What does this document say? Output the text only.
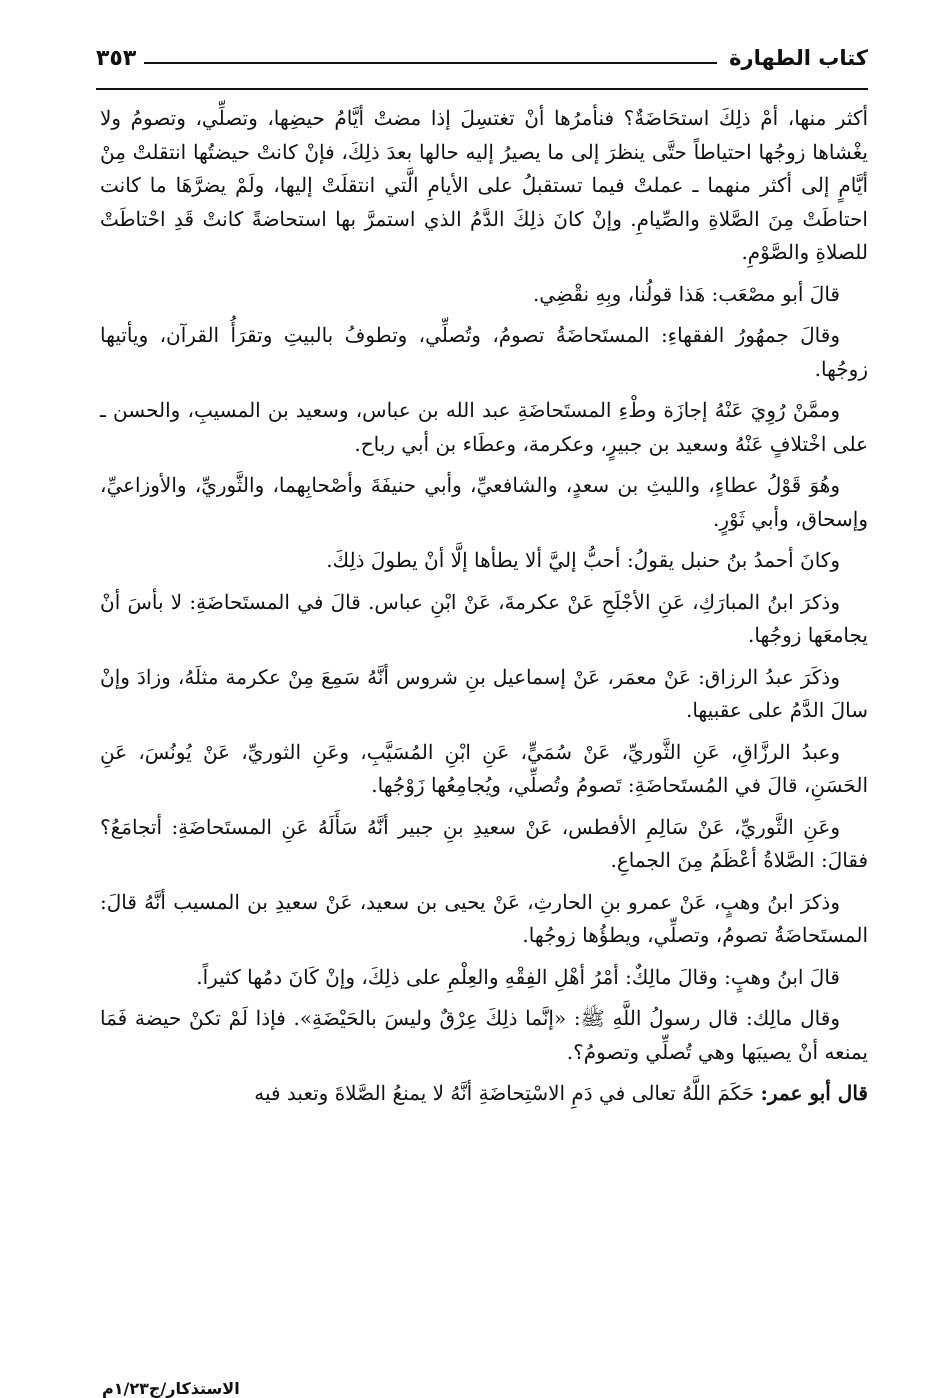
كتاب الطهارة
٣٥٣

أكثر منها، أمْ ذلِكَ استحَاضَةٌ؟ فنأمرُها أنْ تغتسِلَ إذا مضتْ أيَّامُ حيضِها، وتصلِّي، وتصومُ ولا يغْشاها زوجُها احتياطاً حتَّى ينظرَ إلى ما يصيرُ إليه حالها بعدَ ذلِكَ، فإنْ كانتْ حيضتُها انتقلتْ مِنْ أيَّامٍ إلى أكثر منهما ـ عملتْ فيما تستقبلُ على الأيامِ الَّتي انتقلَتْ إليها، ولَمْ يضرَّهَا ما كانت احتاطَتْ مِنَ الصَّلاةِ والصِّيامِ. وإنْ كانَ ذلِكَ الدَّمُ الذي استمرَّ بها استحاضةً كانتْ قَدِ احْتاطَتْ للصلاةِ والصَّوْمِ.

قالَ أبو مصْعَب: هَذا قولُنا، وبِهِ نقْضِي.

وقالَ جمهُورُ الفقهاءِ: المستَحاضَةُ تصومُ، وتُصلِّي، وتطوفُ بالبيتِ وتقرَأُ القرآن، ويأتيها زوجُها.

وممَّنْ رُوِيَ عَنْهُ إجازَة وطْءِ المستَحاضَةِ عبد الله بن عباس، وسعيد بن المسيبِ، والحسن ـ على اخْتلافٍ عَنْهُ وسعيد بن جبيرٍ، وعكرمة، وعطَاء بن أبي رباح.

وهُوَ قَوْلُ عطاءٍ، والليثِ بن سعدٍ، والشافعيِّ، وأبي حنيفَةَ وأصْحابِهما، والثَّوريِّ، والأوزاعيِّ، وإسحاق، وأبي ثَوْرٍ.

وكانَ أحمدُ بنُ حنبل يقولُ: أحبُّ إليَّ ألا يطأها إلَّا أنْ يطولَ ذلِكَ.

وذكرَ ابنُ المبارَكِ، عَنِ الأجْلَحِ عَنْ عكرمةَ، عَنْ ابْنِ عباس. قالَ في المستَحاضَةِ: لا بأسَ أنْ يجامعَها زوجُها.

وذكَرَ عبدُ الرزاق: عَنْ معمَر، عَنْ إسماعيل بنِ شروس أنَّهُ سَمِعَ مِنْ عكرمة مثلَهُ، وزادَ وإنْ سالَ الدَّمُ على عقبيها.

وعبدُ الرزَّاقِ، عَنِ الثَّوريِّ، عَنْ سُمَيٍّ، عَنِ ابْنِ المُسَيَّبِ، وعَنِ الثوريِّ، عَنْ يُونُسَ، عَنِ الحَسَنِ، قالَ في المُستَحاضَةِ: تَصومُ وتُصلِّي، ويُجامِعُها زَوْجُها.

وعَنِ الثَّوريِّ، عَنْ سَالِمِ الأفطس، عَنْ سعيدِ بنِ جبير أنَّهُ سَأَلَهُ عَنِ المستَحاضَةِ: أتجامَعُ؟ فقالَ: الصَّلاةُ أعْظَمُ مِنَ الجماعِ.

وذكرَ ابنُ وهبٍ، عَنْ عمرو بنِ الحارثِ، عَنْ يحيى بن سعيد، عَنْ سعيدِ بن المسيب أنَّهُ قالَ: المستَحاضَةُ تصومُ، وتصلِّي، ويطؤُها زوجُها.

قالَ ابنُ وهبٍ: وقالَ مالِكٌ: أمْرُ أهْلِ الفِقْهِ والعِلْمِ على ذلِكَ، وإنْ كَانَ دمُها كثيراً.

وقال مالِك: قال رسولُ اللَّهِ ﷺ: «إنَّما ذلِكَ عِرْقٌ وليسَ بالحَيْضَةِ». فإذا لَمْ تكنْ حيضة فَمَا يمنعه أنْ يصيبَها وهي تُصلِّي وتصومُ؟.

قال أبو عمر: حَكَمَ اللَّهُ تعالى في دَمِ الاسْتِحاضَةِ أنَّهُ لا يمنعُ الصَّلاةَ وتعبد فيه

الاستذكار/ج١/٢٣م
